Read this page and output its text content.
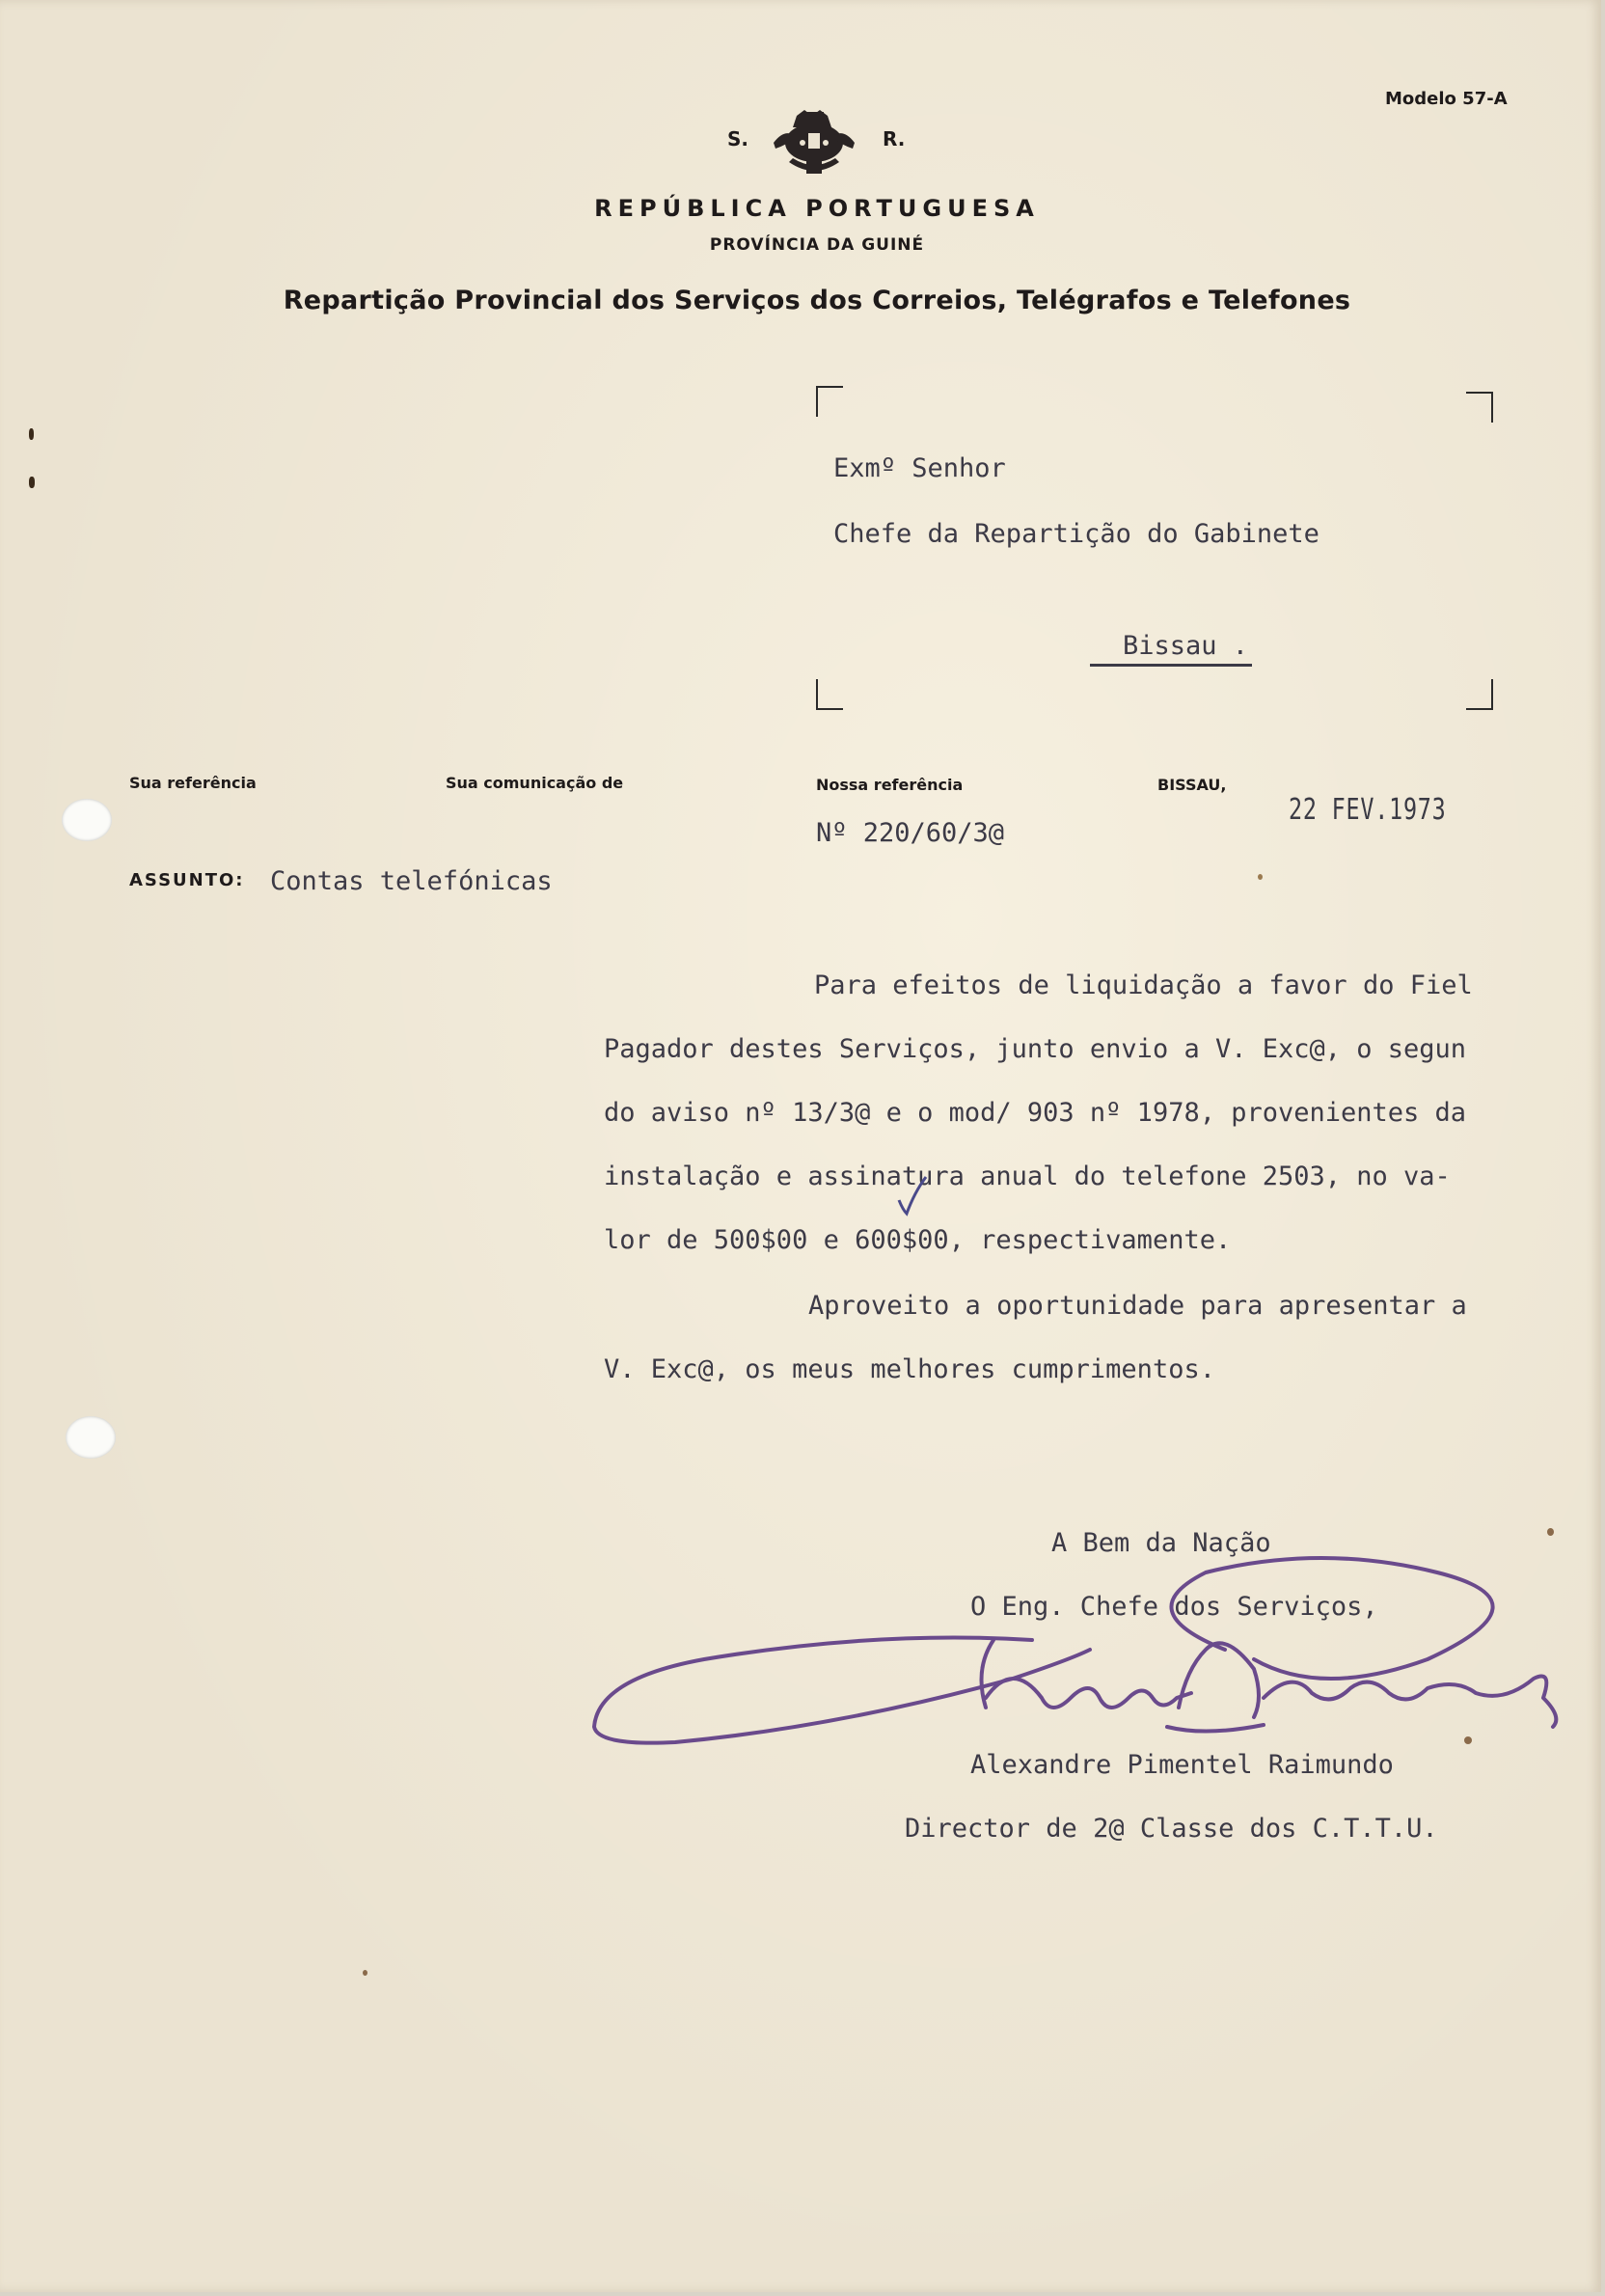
Modelo 57-A
S.	R.
REPÚBLICA PORTUGUESA
PROVÍNCIA DA GUINÉ
Repartição Provincial dos Serviços dos Correios, Telégrafos e Telefones
Exmº Senhor
Chefe da Repartição do Gabinete
Bissau .
Sua referência	Sua comunicação de	Nossa referência	BISSAU,
Nº 220/60/3@
22 FEV.1973
ASSUNTO: Contas telefónicas
Para efeitos de liquidação a favor do Fiel
Pagador destes Serviços, junto envio a V. Exc@, o segun
do aviso nº 13/3@ e o mod/ 903 nº 1978, provenientes da
instalação e assinatura anual do telefone 2503, no va-
lor de 500$00 e 600$00, respectivamente.
Aproveito a oportunidade para apresentar a
V. Exc@, os meus melhores cumprimentos.
A Bem da Nação
O Eng. Chefe dos Serviços,
Alexandre Pimentel Raimundo
Director de 2@ Classe dos C.T.T.U.
